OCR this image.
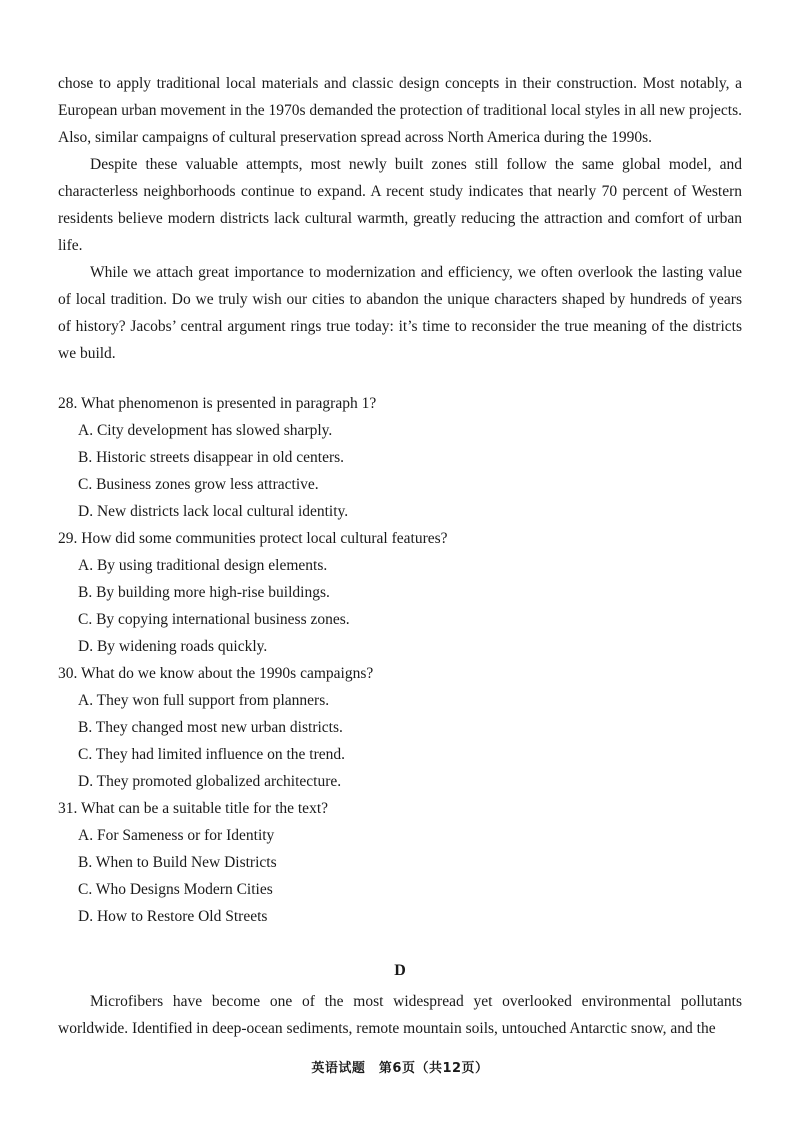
chose to apply traditional local materials and classic design concepts in their construction. Most notably, a European urban movement in the 1970s demanded the protection of traditional local styles in all new projects. Also, similar campaigns of cultural preservation spread across North America during the 1990s.

Despite these valuable attempts, most newly built zones still follow the same global model, and characterless neighborhoods continue to expand. A recent study indicates that nearly 70 percent of Western residents believe modern districts lack cultural warmth, greatly reducing the attraction and comfort of urban life.

While we attach great importance to modernization and efficiency, we often overlook the lasting value of local tradition. Do we truly wish our cities to abandon the unique characters shaped by hundreds of years of history? Jacobs’ central argument rings true today: it’s time to reconsider the true meaning of the districts we build.

28. What phenomenon is presented in paragraph 1?

A. City development has slowed sharply.
B. Historic streets disappear in old centers.
C. Business zones grow less attractive.
D. New districts lack local cultural identity.

29. How did some communities protect local cultural features?

A. By using traditional design elements.
B. By building more high-rise buildings.
C. By copying international business zones.
D. By widening roads quickly.

30. What do we know about the 1990s campaigns?

A. They won full support from planners.
B. They changed most new urban districts.
C. They had limited influence on the trend.
D. They promoted globalized architecture.

31. What can be a suitable title for the text?

A. For Sameness or for Identity
B. When to Build New Districts
C. Who Designs Modern Cities
D. How to Restore Old Streets
D

Microfibers have become one of the most widespread yet overlooked environmental pollutants worldwide. Identified in deep-ocean sediments, remote mountain soils, untouched Antarctic snow, and the

英语试题　第6页（共12页）
